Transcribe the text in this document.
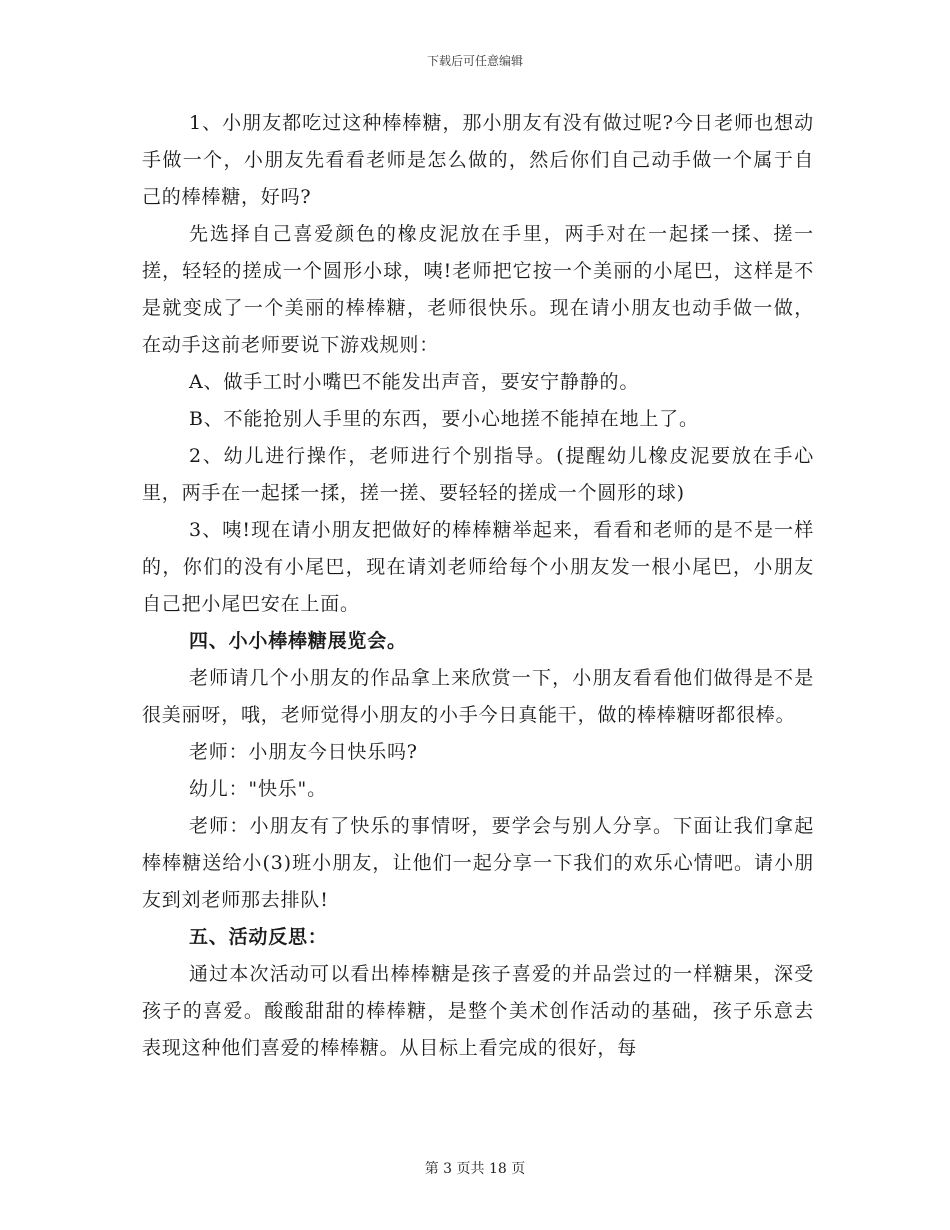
下载后可任意编辑

1、小朋友都吃过这种棒棒糖，那小朋友有没有做过呢?今日老师也想动手做一个，小朋友先看看老师是怎么做的，然后你们自己动手做一个属于自己的棒棒糖，好吗?

先选择自己喜爱颜色的橡皮泥放在手里，两手对在一起揉一揉、搓一搓，轻轻的搓成一个圆形小球，咦!老师把它按一个美丽的小尾巴，这样是不是就变成了一个美丽的棒棒糖，老师很快乐。现在请小朋友也动手做一做，在动手这前老师要说下游戏规则：

A、做手工时小嘴巴不能发出声音，要安宁静静的。

B、不能抢别人手里的东西，要小心地搓不能掉在地上了。

2、幼儿进行操作，老师进行个别指导。(提醒幼儿橡皮泥要放在手心里，两手在一起揉一揉，搓一搓、要轻轻的搓成一个圆形的球)

3、咦!现在请小朋友把做好的棒棒糖举起来，看看和老师的是不是一样的，你们的没有小尾巴，现在请刘老师给每个小朋友发一根小尾巴，小朋友自己把小尾巴安在上面。

四、小小棒棒糖展览会。

老师请几个小朋友的作品拿上来欣赏一下，小朋友看看他们做得是不是很美丽呀，哦，老师觉得小朋友的小手今日真能干，做的棒棒糖呀都很棒。

老师：小朋友今日快乐吗?

幼儿："快乐"。

老师：小朋友有了快乐的事情呀，要学会与别人分享。下面让我们拿起棒棒糖送给小(3)班小朋友，让他们一起分享一下我们的欢乐心情吧。请小朋友到刘老师那去排队!

五、活动反思：

通过本次活动可以看出棒棒糖是孩子喜爱的并品尝过的一样糖果，深受孩子的喜爱。酸酸甜甜的棒棒糖，是整个美术创作活动的基础，孩子乐意去表现这种他们喜爱的棒棒糖。从目标上看完成的很好，每

第 3 页共 18 页
